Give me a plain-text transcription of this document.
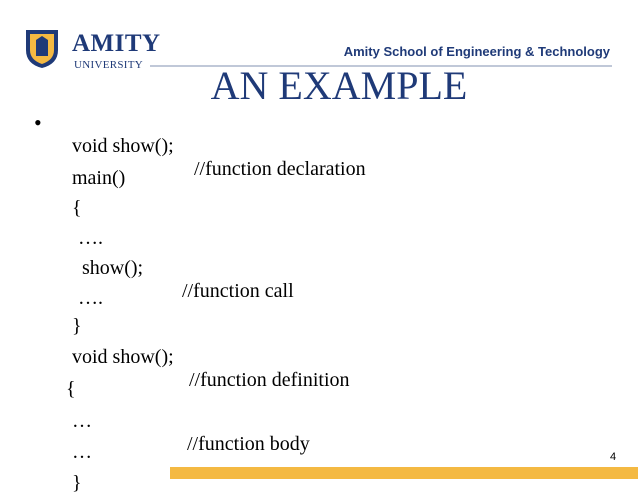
AMITY
UNIVERSITY
Amity School of Engineering & Technology
AN EXAMPLE
•

void show();

//function declaration

main()

{

….

show();

//function call

….

}

void show();

//function definition

{

…

//function body

…

}

4
